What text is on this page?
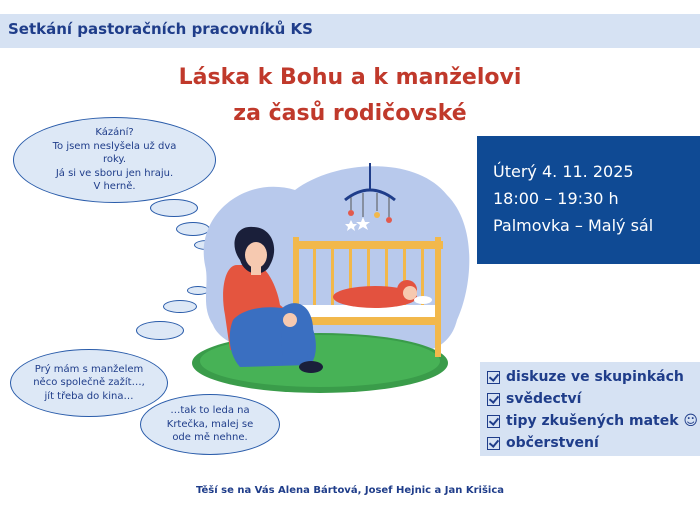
Setkání pastoračních pracovníků KS
Láska k Bohu a k manželovi
za časů rodičovské
Úterý 4. 11. 2025
18:00 – 19:30 h
Palmovka – Malý sál
Kázání?
To jsem neslyšela už dva
roky.
Já si ve sboru jen hraju.
V herně.
Prý mám s manželem
něco společně zažít…,
jít třeba do kina…
…tak to leda na
Krtečka, malej se
ode mě nehne.
diskuze ve skupinkách
svědectví
tipy zkušených matek ☺
občerstvení
Těší se na Vás Alena Bártová, Josef Hejnic a Jan Krišica
